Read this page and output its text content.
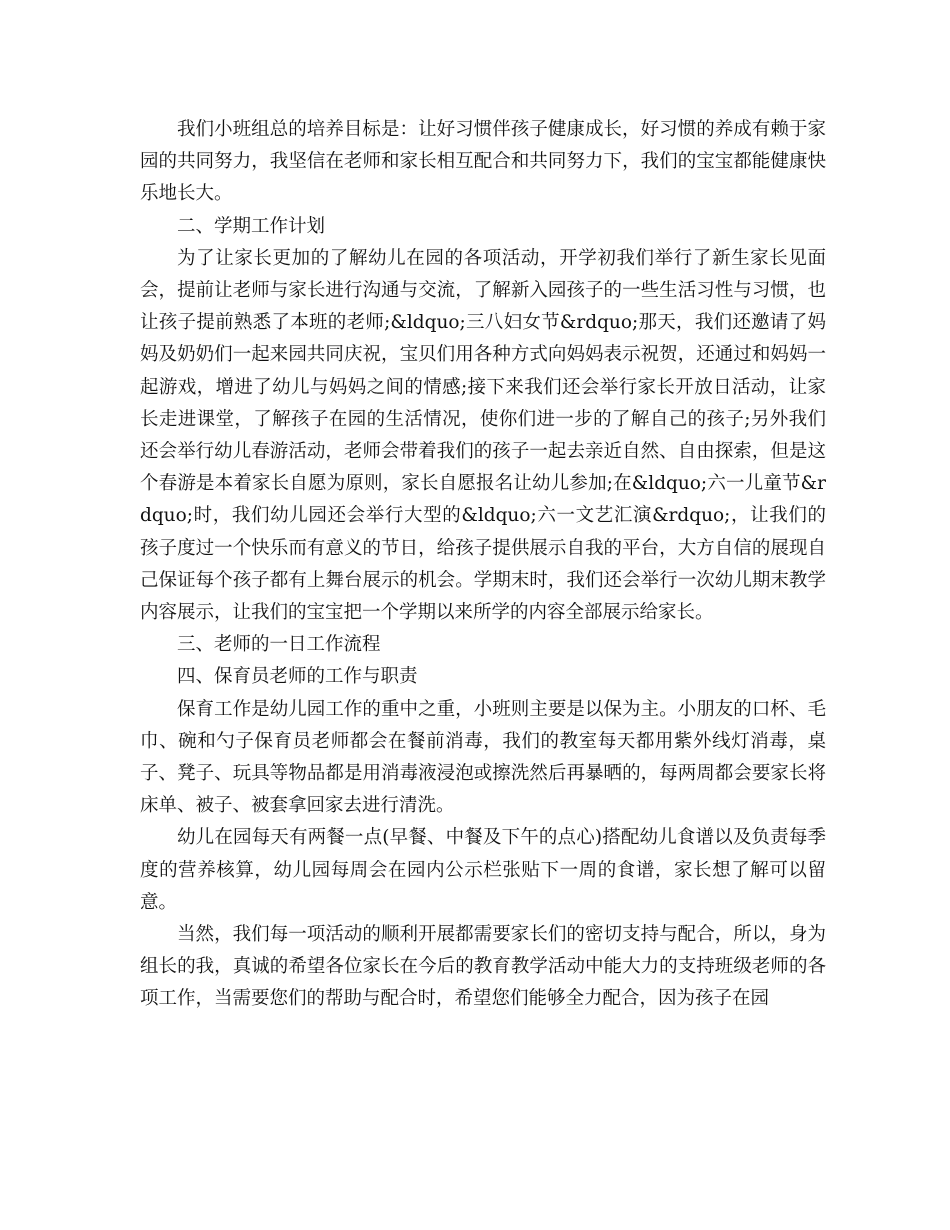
我们小班组总的培养目标是：让好习惯伴孩子健康成长，好习惯的养成有赖于家园的共同努力，我坚信在老师和家长相互配合和共同努力下，我们的宝宝都能健康快乐地长大。

二、学期工作计划

为了让家长更加的了解幼儿在园的各项活动，开学初我们举行了新生家长见面会，提前让老师与家长进行沟通与交流，了解新入园孩子的一些生活习性与习惯，也让孩子提前熟悉了本班的老师;&ldquo;三八妇女节&rdquo;那天，我们还邀请了妈妈及奶奶们一起来园共同庆祝，宝贝们用各种方式向妈妈表示祝贺，还通过和妈妈一起游戏，增进了幼儿与妈妈之间的情感;接下来我们还会举行家长开放日活动，让家长走进课堂，了解孩子在园的生活情况，使你们进一步的了解自己的孩子;另外我们还会举行幼儿春游活动，老师会带着我们的孩子一起去亲近自然、自由探索，但是这个春游是本着家长自愿为原则，家长自愿报名让幼儿参加;在&ldquo;六一儿童节&rdquo;时，我们幼儿园还会举行大型的&ldquo;六一文艺汇演&rdquo;，让我们的孩子度过一个快乐而有意义的节日，给孩子提供展示自我的平台，大方自信的展现自己保证每个孩子都有上舞台展示的机会。学期末时，我们还会举行一次幼儿期末教学内容展示，让我们的宝宝把一个学期以来所学的内容全部展示给家长。

三、老师的一日工作流程

四、保育员老师的工作与职责

保育工作是幼儿园工作的重中之重，小班则主要是以保为主。小朋友的口杯、毛巾、碗和勺子保育员老师都会在餐前消毒，我们的教室每天都用紫外线灯消毒，桌子、凳子、玩具等物品都是用消毒液浸泡或擦洗然后再暴晒的，每两周都会要家长将床单、被子、被套拿回家去进行清洗。

幼儿在园每天有两餐一点(早餐、中餐及下午的点心)搭配幼儿食谱以及负责每季度的营养核算，幼儿园每周会在园内公示栏张贴下一周的食谱，家长想了解可以留意。

当然，我们每一项活动的顺利开展都需要家长们的密切支持与配合，所以，身为组长的我，真诚的希望各位家长在今后的教育教学活动中能大力的支持班级老师的各项工作，当需要您们的帮助与配合时，希望您们能够全力配合，因为孩子在园
